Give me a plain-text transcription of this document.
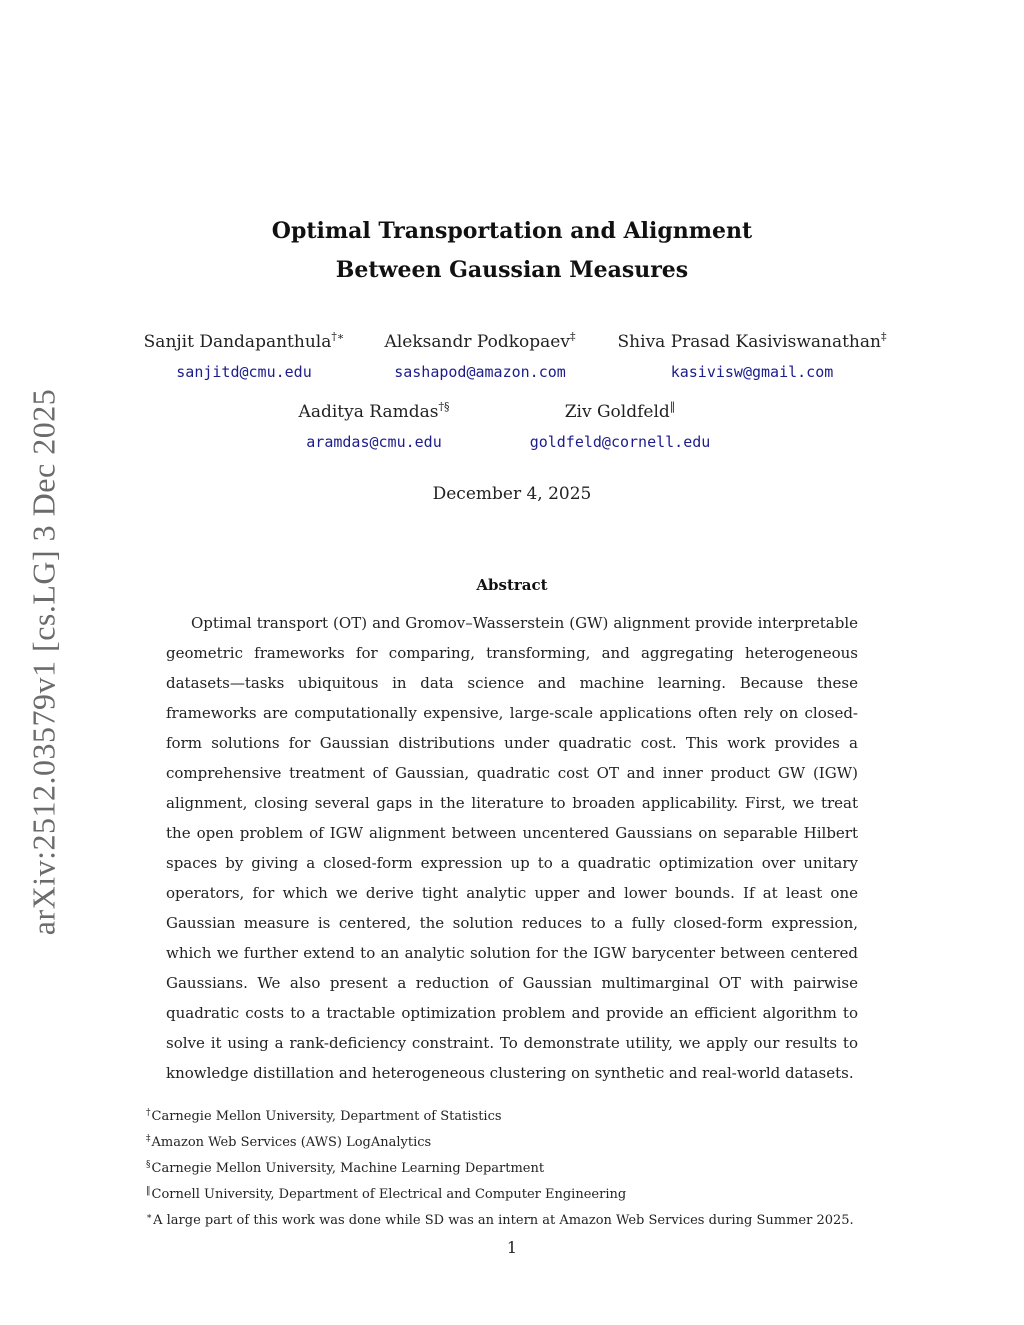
arXiv:2512.03579v1 [cs.LG] 3 Dec 2025
Optimal Transportation and Alignment
Between Gaussian Measures
Sanjit Dandapanthula†∗
sanjitd@cmu.edu
Aleksandr Podkopaev‡
sashapod@amazon.com
Shiva Prasad Kasiviswanathan‡
kasivisw@gmail.com
Aaditya Ramdas†§
aramdas@cmu.edu
Ziv Goldfeld‖
goldfeld@cornell.edu
December 4, 2025
Abstract
Optimal transport (OT) and Gromov–Wasserstein (GW) alignment provide interpretable geometric frameworks for comparing, transforming, and aggregating heterogeneous datasets—tasks ubiquitous in data science and machine learning. Because these frameworks are computationally expensive, large-scale applications often rely on closed-form solutions for Gaussian distributions under quadratic cost. This work provides a comprehensive treatment of Gaussian, quadratic cost OT and inner product GW (IGW) alignment, closing several gaps in the literature to broaden applicability. First, we treat the open problem of IGW alignment between uncentered Gaussians on separable Hilbert spaces by giving a closed-form expression up to a quadratic optimization over unitary operators, for which we derive tight analytic upper and lower bounds. If at least one Gaussian measure is centered, the solution reduces to a fully closed-form expression, which we further extend to an analytic solution for the IGW barycenter between centered Gaussians. We also present a reduction of Gaussian multimarginal OT with pairwise quadratic costs to a tractable optimization problem and provide an efficient algorithm to solve it using a rank-deficiency constraint. To demonstrate utility, we apply our results to knowledge distillation and heterogeneous clustering on synthetic and real-world datasets.
†Carnegie Mellon University, Department of Statistics
‡Amazon Web Services (AWS) LogAnalytics
§Carnegie Mellon University, Machine Learning Department
‖Cornell University, Department of Electrical and Computer Engineering
∗A large part of this work was done while SD was an intern at Amazon Web Services during Summer 2025.
1
